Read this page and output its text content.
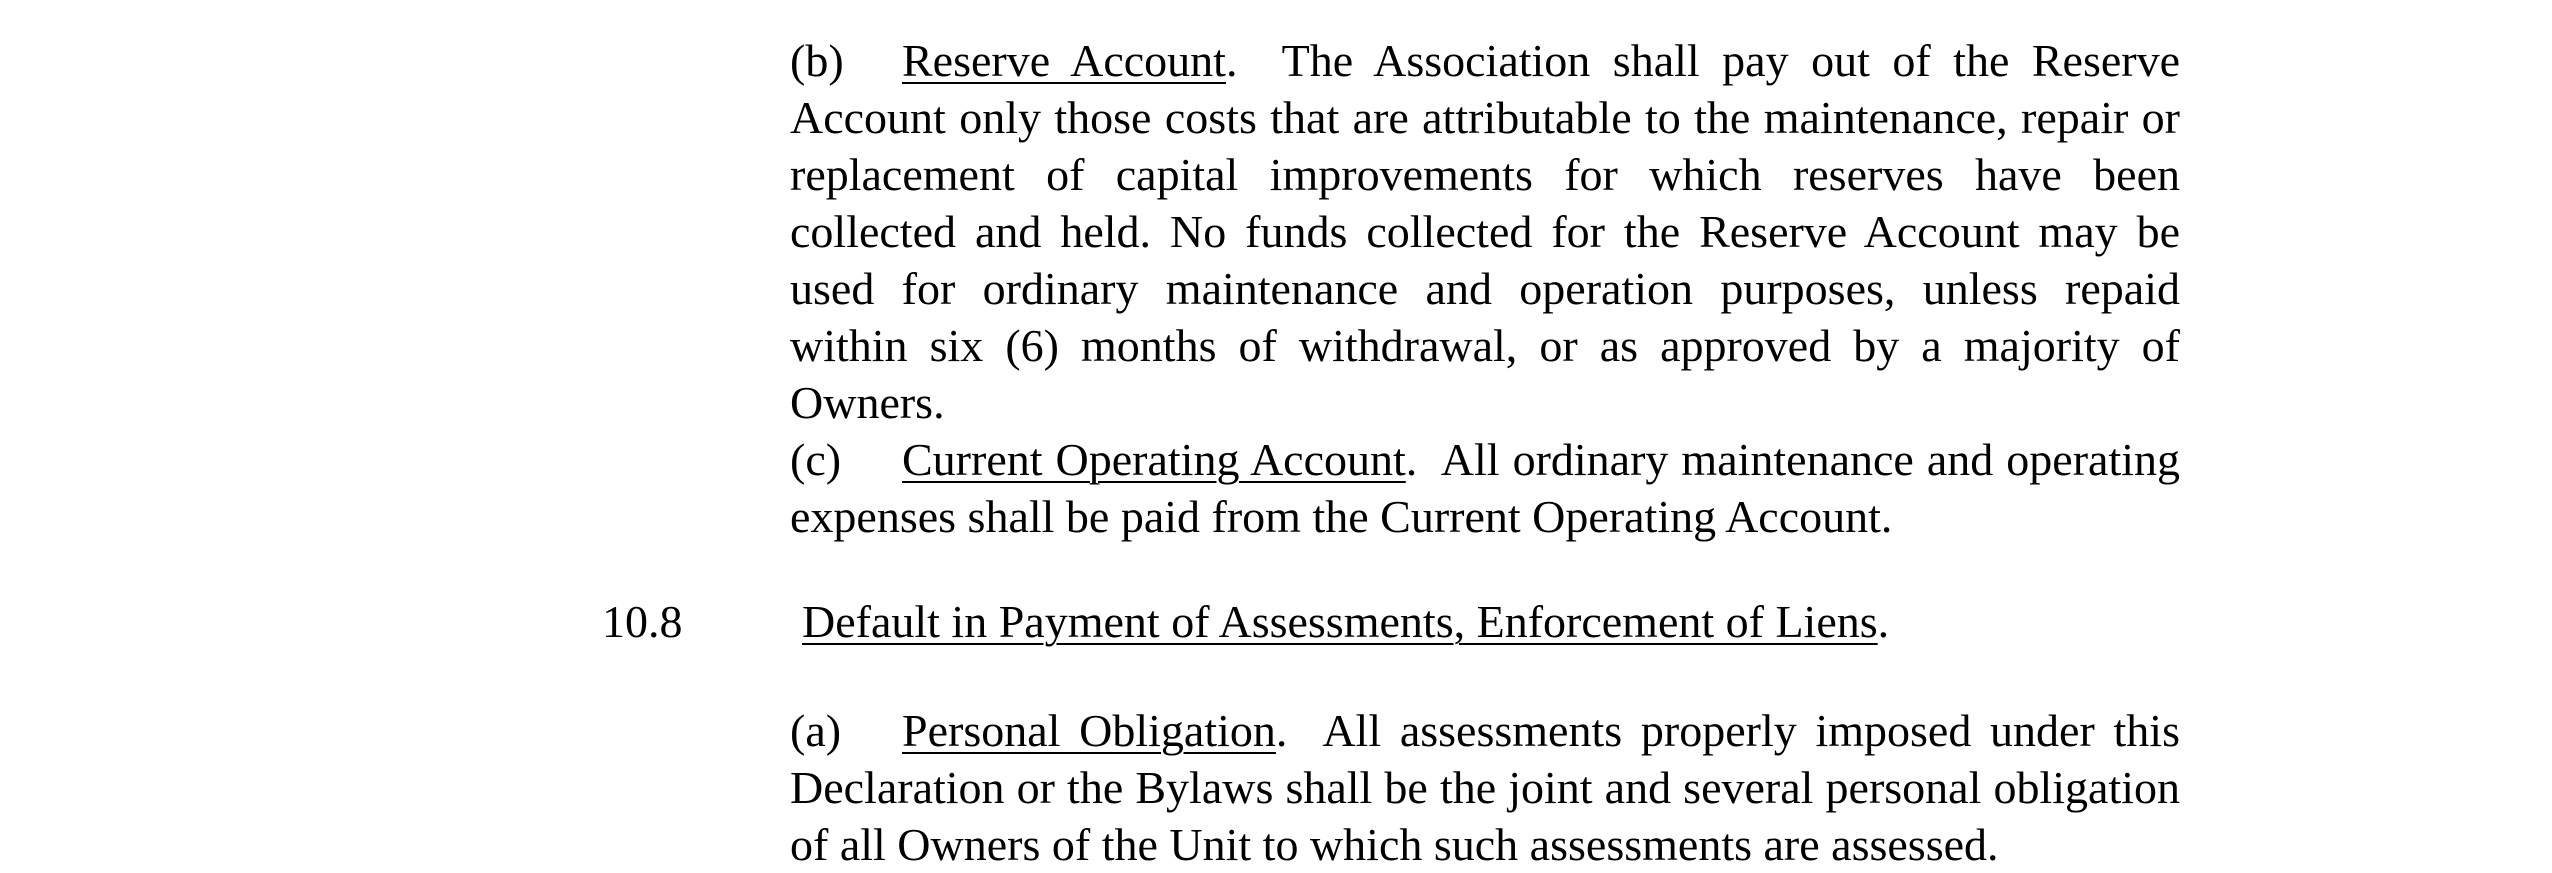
(b) Reserve Account. The Association shall pay out of the Reserve Account only those costs that are attributable to the maintenance, repair or replacement of capital improvements for which reserves have been collected and held. No funds collected for the Reserve Account may be used for ordinary maintenance and operation purposes, unless repaid within six (6) months of withdrawal, or as approved by a majority of Owners.

(c) Current Operating Account. All ordinary maintenance and operating expenses shall be paid from the Current Operating Account.

10.8	Default in Payment of Assessments, Enforcement of Liens.

(a) Personal Obligation. All assessments properly imposed under this Declaration or the Bylaws shall be the joint and several personal obligation of all Owners of the Unit to which such assessments are assessed.
